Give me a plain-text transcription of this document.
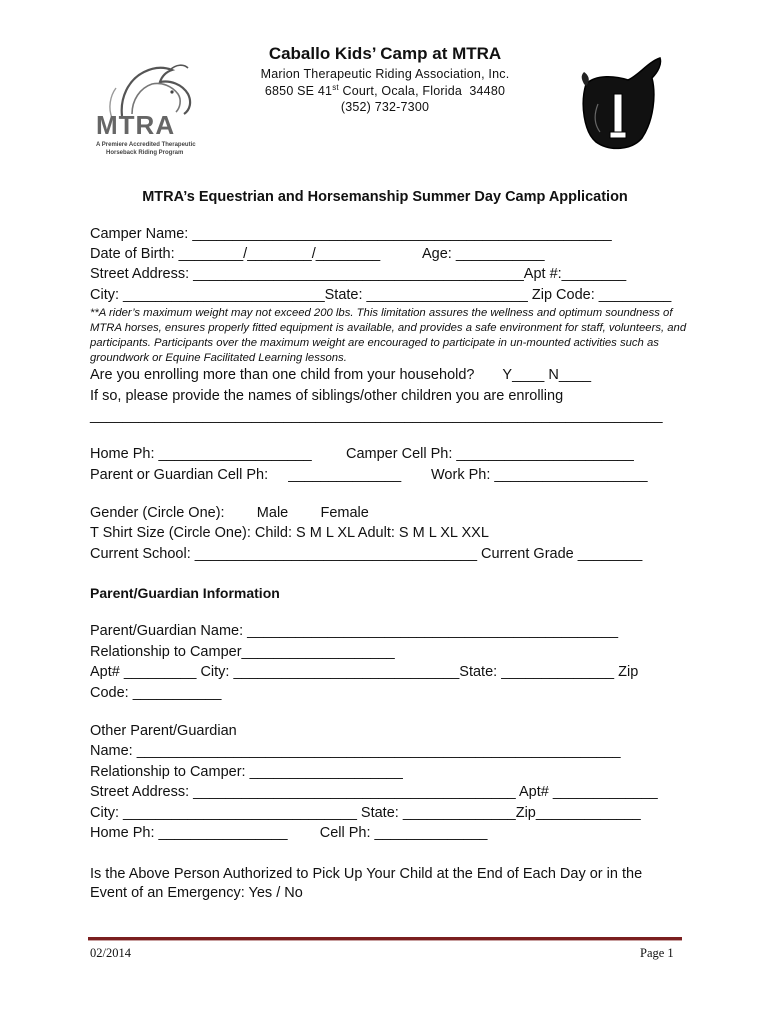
MTRA
A Premiere Accredited Therapeutic
Horseback Riding Program
Caballo Kids’ Camp at MTRA
Marion Therapeutic Riding Association, Inc.
6850 SE 41st Court, Ocala, Florida  34480
(352) 732-7300
MTRA’s Equestrian and Horsemanship Summer Day Camp Application
Camper Name: ____________________________________________________
Date of Birth: ________/________/________	Age: ___________
Street Address: _________________________________________Apt #:________
City: _________________________State: ____________________ Zip Code: _________
**A rider’s maximum weight may not exceed 200 lbs. This limitation assures the wellness and optimum soundness of MTRA horses, ensures properly fitted equipment is available, and provides a safe environment for staff, volunteers, and participants. Participants over the maximum weight are encouraged to participate in un-mounted activities such as groundwork or Equine Facilitated Learning lessons.
Are you enrolling more than one child from your household?       Y____ N____
If so, please provide the names of siblings/other children you are enrolling
_______________________________________________________________________
Home Ph: ___________________ Camper Cell Ph: ______________________
Parent or Guardian Cell Ph:     ______________ Work Ph: ___________________
Gender (Circle One):        Male        Female
T Shirt Size (Circle One): Child: S M L XL Adult: S M L XL XXL
Current School: ___________________________________ Current Grade ________
Parent/Guardian Information
Parent/Guardian Name: ______________________________________________
Relationship to Camper___________________
Apt# _________ City: ____________________________State: ______________ Zip
Code: ___________
Other Parent/Guardian
Name: ____________________________________________________________
Relationship to Camper: ___________________
Street Address: ________________________________________ Apt# _____________
City: _____________________________ State: ______________Zip_____________
Home Ph: ________________        Cell Ph: ______________
Is the Above Person Authorized to Pick Up Your Child at the End of Each Day or in the
Event of an Emergency: Yes / No
02/2014	Page 1
